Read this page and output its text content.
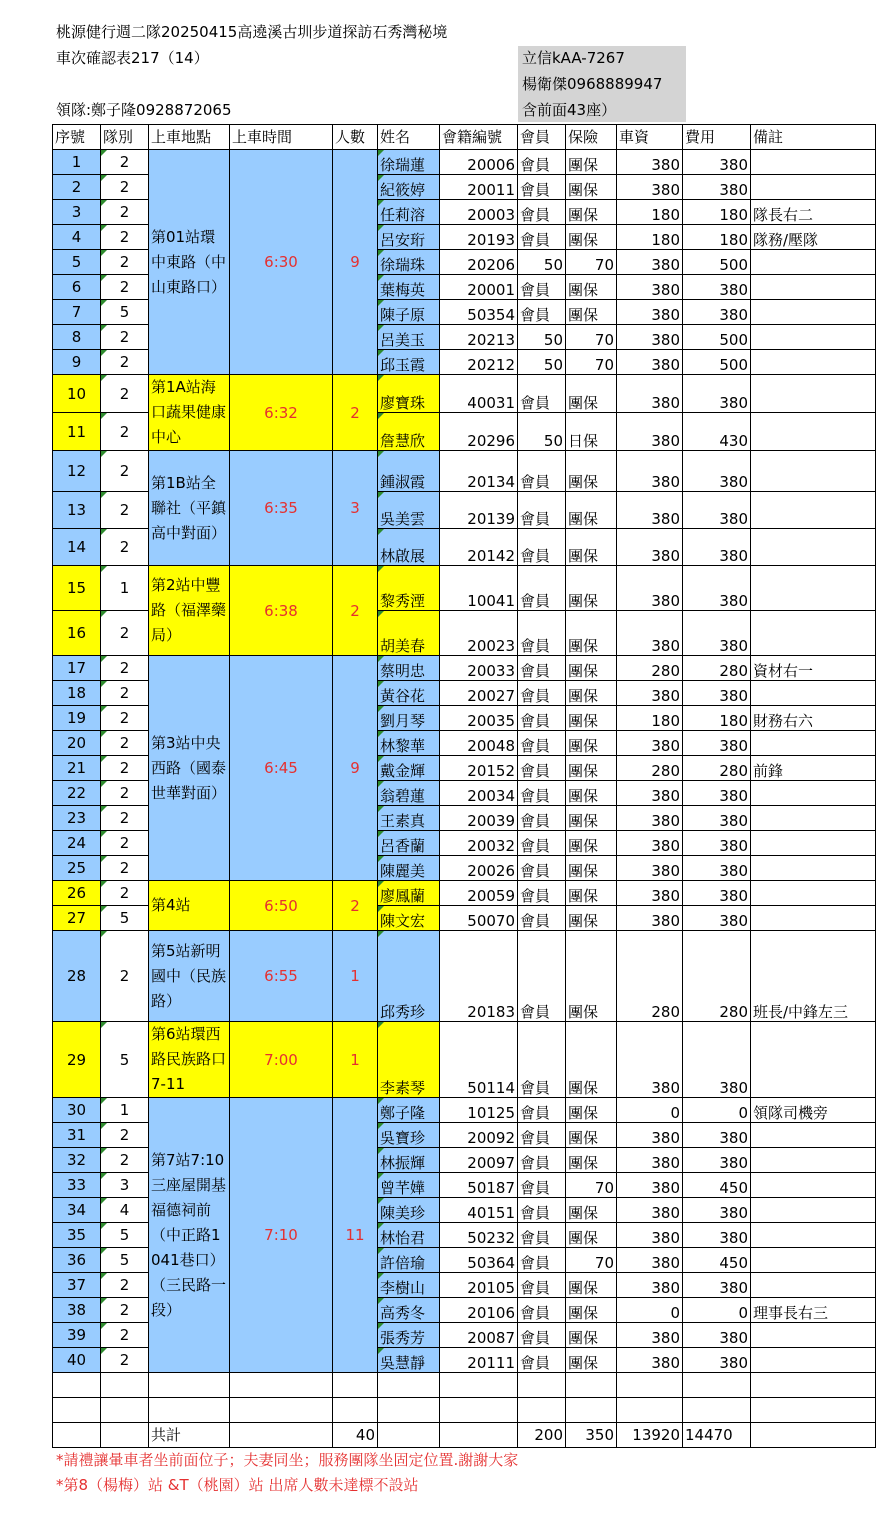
桃源健行週二隊20250415高遶溪古圳步道探訪石秀灣秘境
車次確認表217（14）
領隊:鄭子隆0928872065
立信kAA-7267
楊衛傑0968889947
含前面43座）
序號	隊別	上車地點	上車時間	人數	姓名	會籍編號	會員	保險	車資	費用	備註
1	2	第01站環中東路（中山東路口）	6:30	9	徐瑞蓮	20006	會員	團保	380	380	
2	2				紀筱婷	20011	會員	團保	380	380	
3	2				任莉溶	20003	會員	團保	180	180	隊長右二
4	2				呂安珩	20193	會員	團保	180	180	隊務/壓隊
5	2				徐瑞珠	20206	50	70	380	500	
6	2				葉梅英	20001	會員	團保	380	380	
7	5				陳子原	50354	會員	團保	380	380	
8	2				呂美玉	20213	50	70	380	500	
9	2				邱玉霞	20212	50	70	380	500	
10	2	第1A站海口蔬果健康中心	6:32	2	廖寶珠	40031	會員	團保	380	380	
11	2				詹慧欣	20296	50	日保	380	430	
12	2	第1B站全聯社（平鎮高中對面）	6:35	3	鍾淑霞	20134	會員	團保	380	380	
13	2				吳美雲	20139	會員	團保	380	380	
14	2				林啟展	20142	會員	團保	380	380	
15	1	第2站中豐路（福澤藥局）	6:38	2	黎秀湮	10041	會員	團保	380	380	
16	2				胡美春	20023	會員	團保	380	380	
17	2	第3站中央西路（國泰世華對面）	6:45	9	蔡明忠	20033	會員	團保	280	280	資材右一
18	2				黃谷花	20027	會員	團保	380	380	
19	2				劉月琴	20035	會員	團保	180	180	財務右六
20	2				林黎華	20048	會員	團保	380	380	
21	2				戴金輝	20152	會員	團保	280	280	前鋒
22	2				翁碧蓮	20034	會員	團保	380	380	
23	2				王素真	20039	會員	團保	380	380	
24	2				呂香蘭	20032	會員	團保	380	380	
25	2				陳麗美	20026	會員	團保	380	380	
26	2	第4站	6:50	2	廖鳳蘭	20059	會員	團保	380	380	
27	5				陳文宏	50070	會員	團保	380	380	
28	2	第5站新明國中（民族路）	6:55	1	邱秀珍	20183	會員	團保	280	280	班長/中鋒左三
29	5	第6站環西路民族路口7-11	7:00	1	李素琴	50114	會員	團保	380	380	
30	1	第7站7:10三座屋開基福德祠前（中正路1041巷口）（三民路一段）	7:10	11	鄭子隆	10125	會員	團保	0	0	領隊司機旁
31	2				吳寶珍	20092	會員	團保	380	380	
32	2				林振輝	20097	會員	團保	380	380	
33	3				曾芊嬅	50187	會員	70	380	450	
34	4				陳美珍	40151	會員	團保	380	380	
35	5				林怡君	50232	會員	團保	380	380	
36	5				許倍瑜	50364	會員	70	380	450	
37	2				李樹山	20105	會員	團保	380	380	
38	2				高秀冬	20106	會員	團保	0	0	理事長右三
39	2				張秀芳	20087	會員	團保	380	380	
40	2				吳慧靜	20111	會員	團保	380	380	

		共計		40			200	350	13920	14470	
*請禮讓暈車者坐前面位子；夫妻同坐；服務團隊坐固定位置.謝謝大家
*第8（楊梅）站 &T（桃園）站 出席人數未達標不設站
